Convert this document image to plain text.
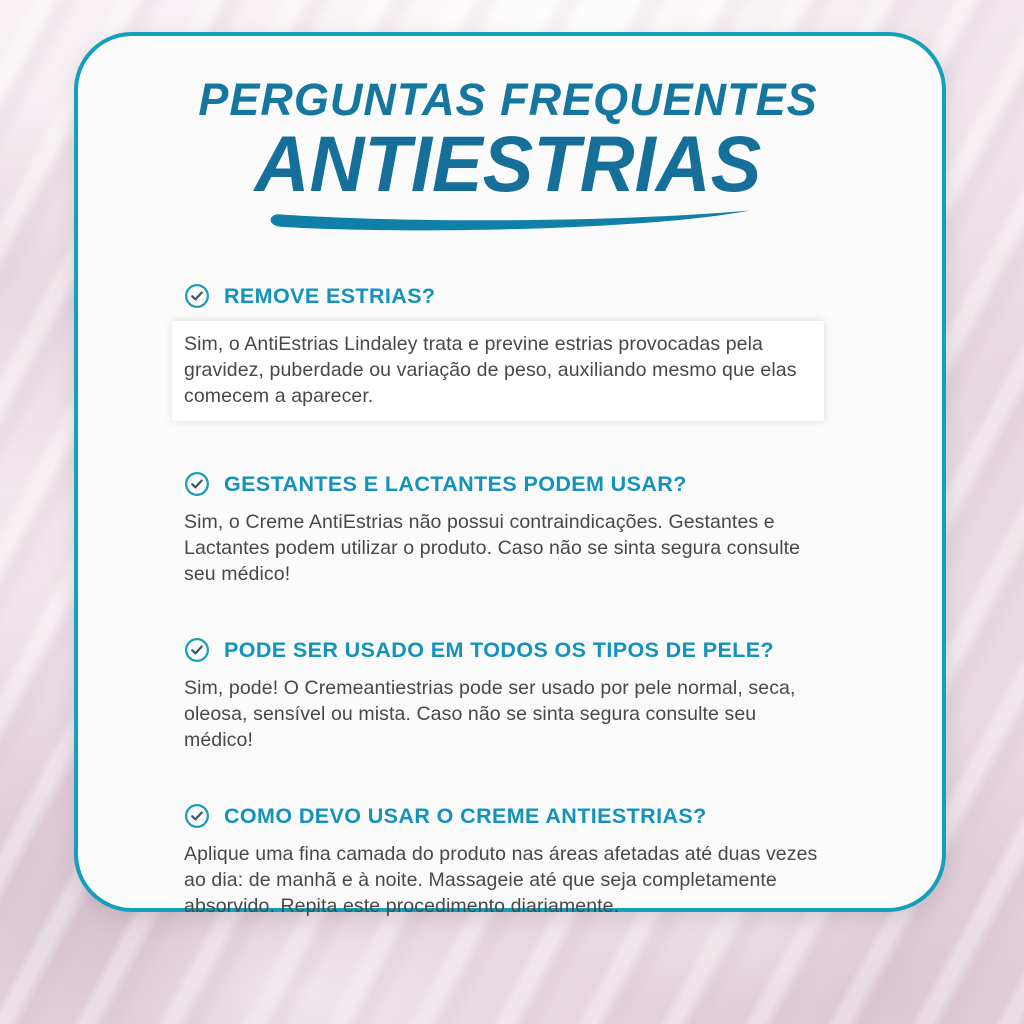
PERGUNTAS FREQUENTES
ANTIESTRIAS
REMOVE ESTRIAS?
Sim, o AntiEstrias Lindaley trata e previne estrias provocadas pela gravidez, puberdade ou variação de peso, auxiliando mesmo que elas comecem a aparecer.
GESTANTES E LACTANTES PODEM USAR?
Sim, o Creme AntiEstrias não possui contraindicações. Gestantes e Lactantes podem utilizar o produto. Caso não se sinta segura consulte seu médico!
PODE SER USADO EM TODOS OS TIPOS DE PELE?
Sim, pode! O Cremeantiestrias pode ser usado por pele normal, seca, oleosa, sensível ou mista. Caso não se sinta segura consulte seu médico!
COMO DEVO USAR O CREME ANTIESTRIAS?
Aplique uma fina camada do produto nas áreas afetadas até duas vezes ao dia: de manhã e à noite. Massageie até que seja completamente absorvido. Repita este procedimento diariamente.
